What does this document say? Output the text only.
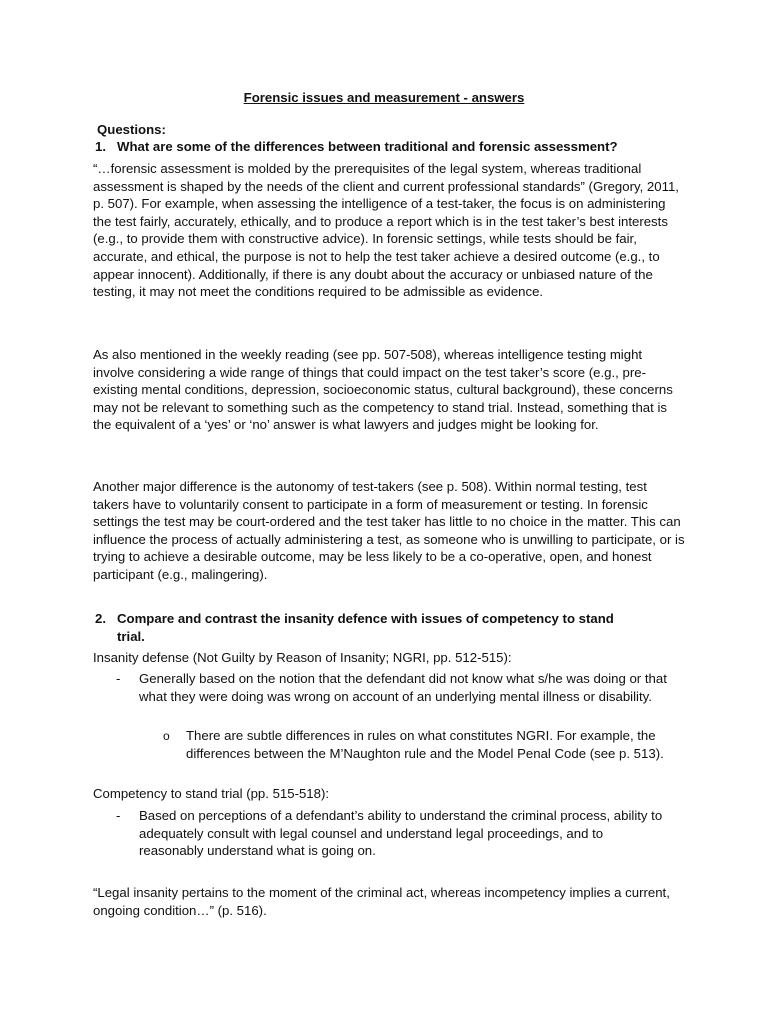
Forensic issues and measurement - answers

Questions:

1. What are some of the differences between traditional and forensic assessment?

“…forensic assessment is molded by the prerequisites of the legal system, whereas traditional assessment is shaped by the needs of the client and current professional standards” (Gregory, 2011, p. 507). For example, when assessing the intelligence of a test-taker, the focus is on administering the test fairly, accurately, ethically, and to produce a report which is in the test taker’s best interests (e.g., to provide them with constructive advice). In forensic settings, while tests should be fair, accurate, and ethical, the purpose is not to help the test taker achieve a desired outcome (e.g., to appear innocent). Additionally, if there is any doubt about the accuracy or unbiased nature of the testing, it may not meet the conditions required to be admissible as evidence.

As also mentioned in the weekly reading (see pp. 507-508), whereas intelligence testing might involve considering a wide range of things that could impact on the test taker’s score (e.g., pre-existing mental conditions, depression, socioeconomic status, cultural background), these concerns may not be relevant to something such as the competency to stand trial. Instead, something that is the equivalent of a ‘yes’ or ‘no’ answer is what lawyers and judges might be looking for.

Another major difference is the autonomy of test-takers (see p. 508). Within normal testing, test takers have to voluntarily consent to participate in a form of measurement or testing. In forensic settings the test may be court-ordered and the test taker has little to no choice in the matter. This can influence the process of actually administering a test, as someone who is unwilling to participate, or is trying to achieve a desirable outcome, may be less likely to be a co-operative, open, and honest participant (e.g., malingering).

2. Compare and contrast the insanity defence with issues of competency to stand trial.

Insanity defense (Not Guilty by Reason of Insanity; NGRI, pp. 512-515):

- Generally based on the notion that the defendant did not know what s/he was doing or that what they were doing was wrong on account of an underlying mental illness or disability.

o There are subtle differences in rules on what constitutes NGRI. For example, the differences between the M’Naughton rule and the Model Penal Code (see p. 513).

Competency to stand trial (pp. 515-518):

- Based on perceptions of a defendant’s ability to understand the criminal process, ability to adequately consult with legal counsel and understand legal proceedings, and to reasonably understand what is going on.

“Legal insanity pertains to the moment of the criminal act, whereas incompetency implies a current, ongoing condition…” (p. 516).
